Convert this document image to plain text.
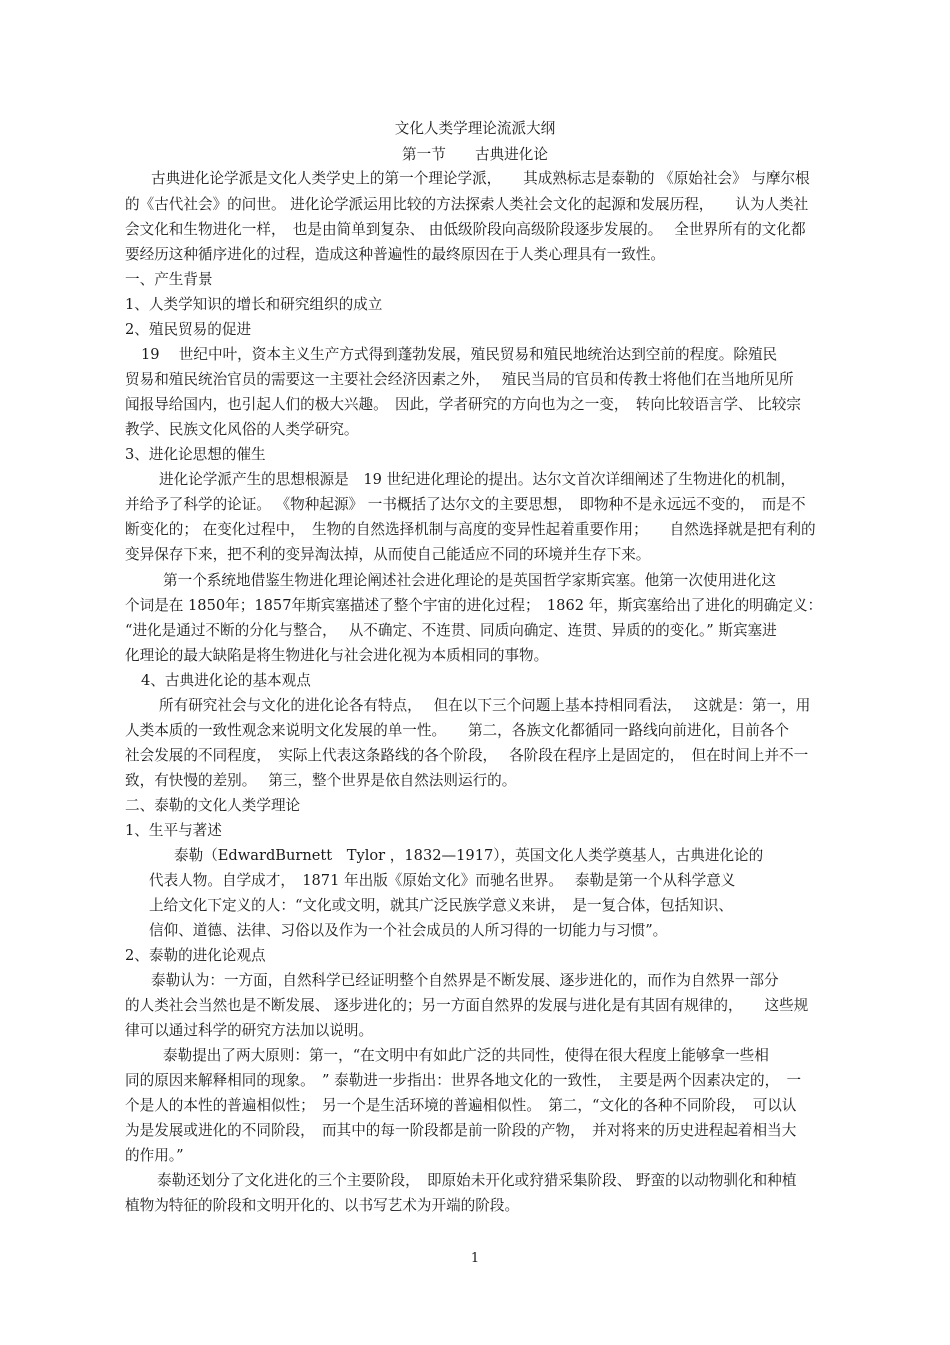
文化人类学理论流派大纲
第一节　　古典进化论
古典进化论学派是文化人类学史上的第一个理论学派，　　其成熟标志是泰勒的 《原始社会》 与摩尔根
的《古代社会》的问世。 进化论学派运用比较的方法探索人类社会文化的起源和发展历程，　　认为人类社
会文化和生物进化一样，　也是由简单到复杂、 由低级阶段向高级阶段逐步发展的。　 全世界所有的文化都
要经历这种循序进化的过程，造成这种普遍性的最终原因在于人类心理具有一致性。
一、产生背景
1、人类学知识的增长和研究组织的成立
2、殖民贸易的促进
19　 世纪中叶，资本主义生产方式得到蓬勃发展，殖民贸易和殖民地统治达到空前的程度。除殖民
贸易和殖民统治官员的需要这一主要社会经济因素之外，　 殖民当局的官员和传教士将他们在当地所见所
闻报导给国内，也引起人们的极大兴趣。　因此，学者研究的方向也为之一变，　转向比较语言学、 比较宗
教学、民族文化风俗的人类学研究。
3、进化论思想的催生
进化论学派产生的思想根源是　19 世纪进化理论的提出。达尔文首次详细阐述了生物进化的机制，
并给予了科学的论证。 《物种起源》 一书概括了达尔文的主要思想，　即物种不是永远远不变的，　而是不
断变化的； 在变化过程中，　生物的自然选择机制与高度的变异性起着重要作用；　　自然选择就是把有利的
变异保存下来，把不利的变异淘汰掉，从而使自己能适应不同的环境并生存下来。
第一个系统地借鉴生物进化理论阐述社会进化理论的是英国哲学家斯宾塞。他第一次使用进化这
个词是在 1850年；1857年斯宾塞描述了整个宇宙的进化过程；　1862 年，斯宾塞给出了进化的明确定义：
“进化是通过不断的分化与整合，　 从不确定、不连贯、同质向确定、连贯、异质的的变化。” 斯宾塞进
化理论的最大缺陷是将生物进化与社会进化视为本质相同的事物。
4、古典进化论的基本观点
所有研究社会与文化的进化论各有特点，　 但在以下三个问题上基本持相同看法，　 这就是：第一，用
人类本质的一致性观念来说明文化发展的单一性。　　第二，各族文化都循同一路线向前进化，目前各个
社会发展的不同程度，　实际上代表这条路线的各个阶段，　 各阶段在程序上是固定的，　但在时间上并不一
致，有快慢的差别。　 第三，整个世界是依自然法则运行的。
二、泰勒的文化人类学理论
1、生平与著述
泰勒（EdwardBurnett　Tylor ，1832—1917），英国文化人类学奠基人，古典进化论的
代表人物。自学成才，　1871 年出版《原始文化》而驰名世界。　 泰勒是第一个从科学意义
上给文化下定义的人：“文化或文明，就其广泛民族学意义来讲，　是一复合体，包括知识、
信仰、道德、法律、习俗以及作为一个社会成员的人所习得的一切能力与习惯”。
2、泰勒的进化论观点
泰勒认为：一方面，自然科学已经证明整个自然界是不断发展、逐步进化的，而作为自然界一部分
的人类社会当然也是不断发展、 逐步进化的；另一方面自然界的发展与进化是有其固有规律的，　　这些规
律可以通过科学的研究方法加以说明。
泰勒提出了两大原则：第一，“在文明中有如此广泛的共同性，使得在很大程度上能够拿一些相
同的原因来解释相同的现象。　” 泰勒进一步指出：世界各地文化的一致性，　主要是两个因素决定的，　一
个是人的本性的普遍相似性；　另一个是生活环境的普遍相似性。　第二，“文化的各种不同阶段，　可以认
为是发展或进化的不同阶段，　而其中的每一阶段都是前一阶段的产物，　并对将来的历史进程起着相当大
的作用。”
泰勒还划分了文化进化的三个主要阶段，　即原始未开化或狩猎采集阶段、 野蛮的以动物驯化和种植
植物为特征的阶段和文明开化的、以书写艺术为开端的阶段。
1
